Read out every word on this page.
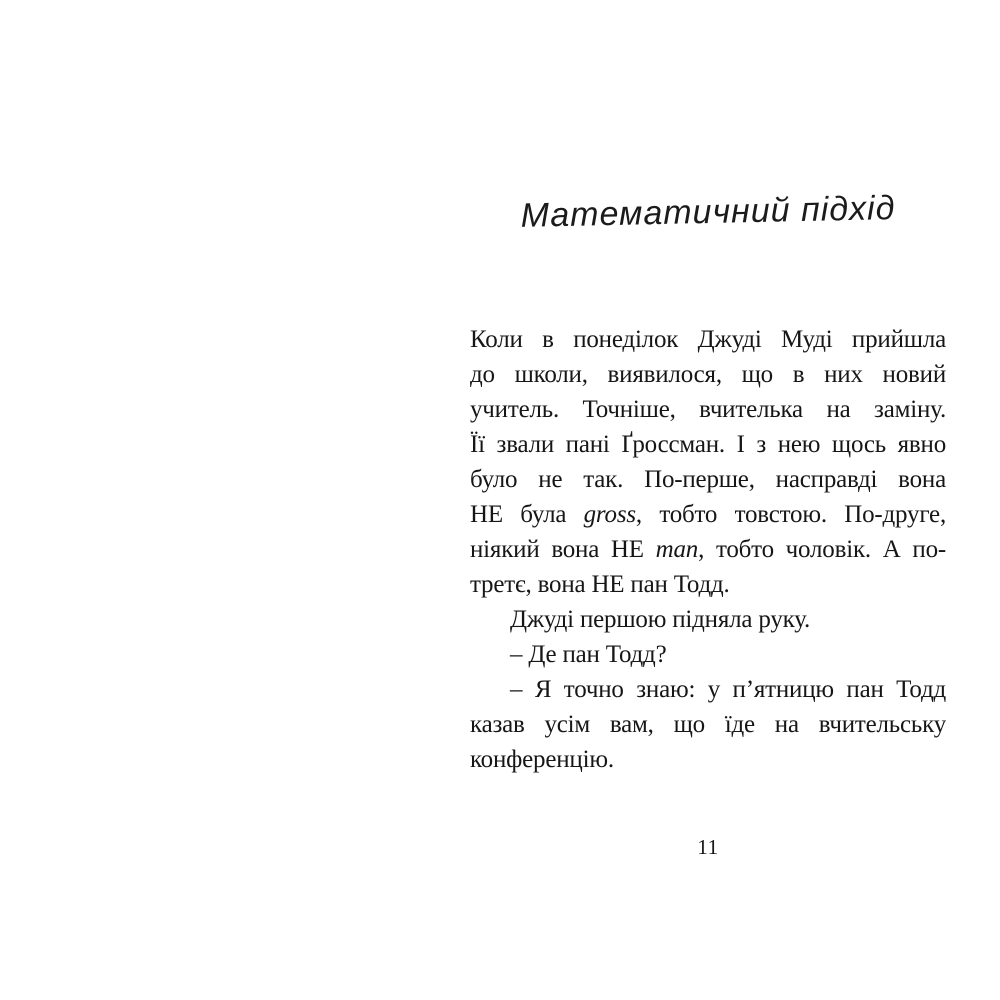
Математичний підхід
Коли в понеділок Джуді Муді прийшла
до школи, виявилося, що в них новий
учитель. Точніше, вчителька на заміну.
Її звали пані Ґроссман. І з нею щось явно
було не так. По-перше, насправді вона
НЕ була gross, тобто товстою. По-друге,
ніякий вона НЕ man, тобто чоловік. А по-
третє, вона НЕ пан Тодд.
Джуді першою підняла руку.
– Де пан Тодд?
– Я точно знаю: у п’ятницю пан Тодд
казав усім вам, що їде на вчительську
конференцію.
11
